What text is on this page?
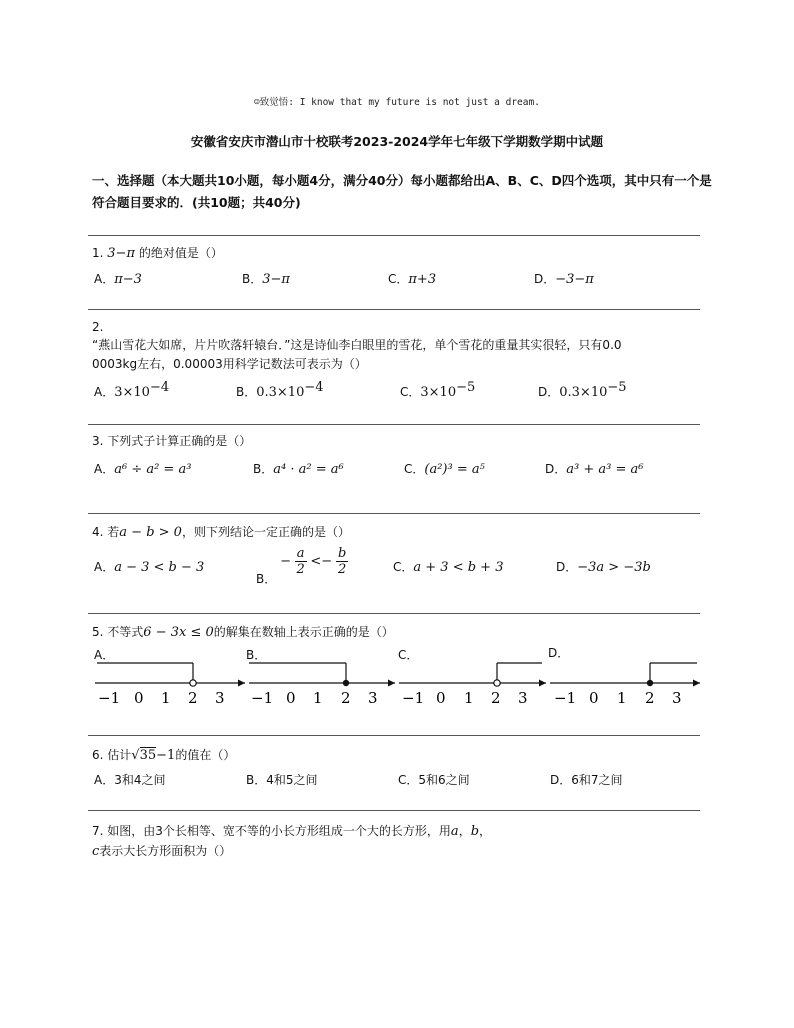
☺致觉悟: I know that my future is not just a dream.
安徽省安庆市潜山市十校联考2023-2024学年七年级下学期数学期中试题
一、选择题（本大题共10小题，每小题4分，满分40分）每小题都给出A、B、C、D四个选项，其中只有一个是符合题目要求的．(共10题；共40分)
1. 3−π 的绝对值是（）
A．π−3	B．3−π	C．π+3	D．−3−π
2.
“燕山雪花大如席，片片吹落轩辕台．”这是诗仙李白眼里的雪花，单个雪花的重量其实很轻，只有0.0
0003kg左右，0.00003用科学记数法可表示为（）
A．$3\times 10^{-4}$	B．$0.3\times 10^{-4}$	C．$3\times 10^{-5}$	D．$0.3\times 10^{-5}$
3. 下列式子计算正确的是（）
A．a⁶ ÷ a² = a³	B．a⁴ · a² = a⁶	C．(a²)³ = a⁵	D．a³ + a³ = a⁶
4. 若a − b > 0，则下列结论一定正确的是（）
A．a − 3 < b − 3
B． − $\frac{a}{2} <- \frac{b}{2}$	C．a + 3 < b + 3	D．−3a > −3b
5. 不等式6 − 3x ≤ 0的解集在数轴上表示正确的是（）
A．	B．	C．	D．
−1 0 1 2 3 −1 0 1 2 3 −1 0 1 2 3 −1 0 1 2 3
6. 估计√35−1的值在（）
A．3和4之间	B．4和5之间	C．5和6之间	D．6和7之间
7. 如图，由3个长相等、宽不等的小长方形组成一个大的长方形，用a，b，
c表示大长方形面积为（）
